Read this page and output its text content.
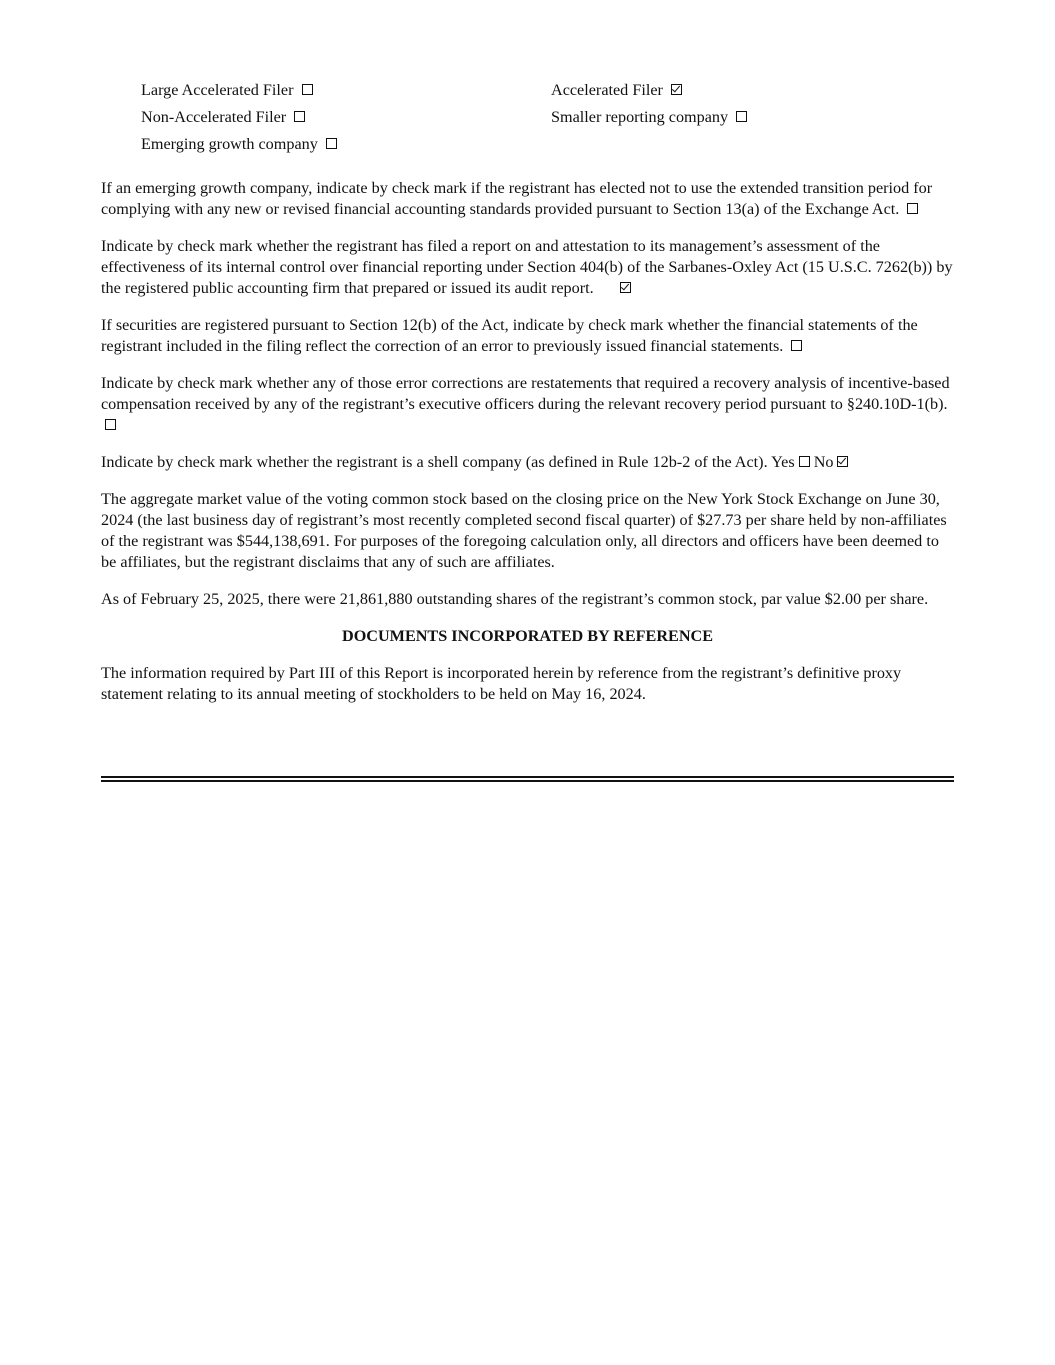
Large Accelerated Filer	Accelerated Filer
Non-Accelerated Filer	Smaller reporting company
Emerging growth company

If an emerging growth company, indicate by check mark if the registrant has elected not to use the extended transition period for complying with any new or revised financial accounting standards provided pursuant to Section 13(a) of the Exchange Act.

Indicate by check mark whether the registrant has filed a report on and attestation to its management’s assessment of the effectiveness of its internal control over financial reporting under Section 404(b) of the Sarbanes-Oxley Act (15 U.S.C. 7262(b)) by the registered public accounting firm that prepared or issued its audit report.

If securities are registered pursuant to Section 12(b) of the Act, indicate by check mark whether the financial statements of the registrant included in the filing reflect the correction of an error to previously issued financial statements.

Indicate by check mark whether any of those error corrections are restatements that required a recovery analysis of incentive-based compensation received by any of the registrant’s executive officers during the relevant recovery period pursuant to §240.10D-1(b).

Indicate by check mark whether the registrant is a shell company (as defined in Rule 12b-2 of the Act). Yes No

The aggregate market value of the voting common stock based on the closing price on the New York Stock Exchange on June 30, 2024 (the last business day of registrant’s most recently completed second fiscal quarter) of $27.73 per share held by non-affiliates of the registrant was $544,138,691. For purposes of the foregoing calculation only, all directors and officers have been deemed to be affiliates, but the registrant disclaims that any of such are affiliates.

As of February 25, 2025, there were 21,861,880 outstanding shares of the registrant’s common stock, par value $2.00 per share.

DOCUMENTS INCORPORATED BY REFERENCE

The information required by Part III of this Report is incorporated herein by reference from the registrant’s definitive proxy statement relating to its annual meeting of stockholders to be held on May 16, 2024.
